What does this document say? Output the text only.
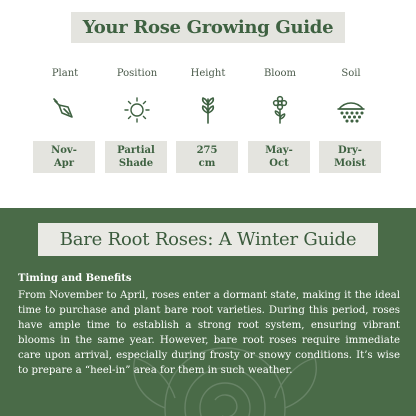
Your Rose Growing Guide
Plant
Nov-
Apr
Position
Partial
Shade
Height
275
cm
Bloom
May-
Oct
Soil
Dry-
Moist
Bare Root Roses: A Winter Guide
Timing and Benefits

From November to April, roses enter a dormant state, making it the ideal time to purchase and plant bare root varieties. During this period, roses have ample time to establish a strong root system, ensuring vibrant blooms in the same year. However, bare root roses require immediate care upon arrival, especially during frosty or snowy conditions. It’s wise to prepare a “heel-in” area for them in such weather.
